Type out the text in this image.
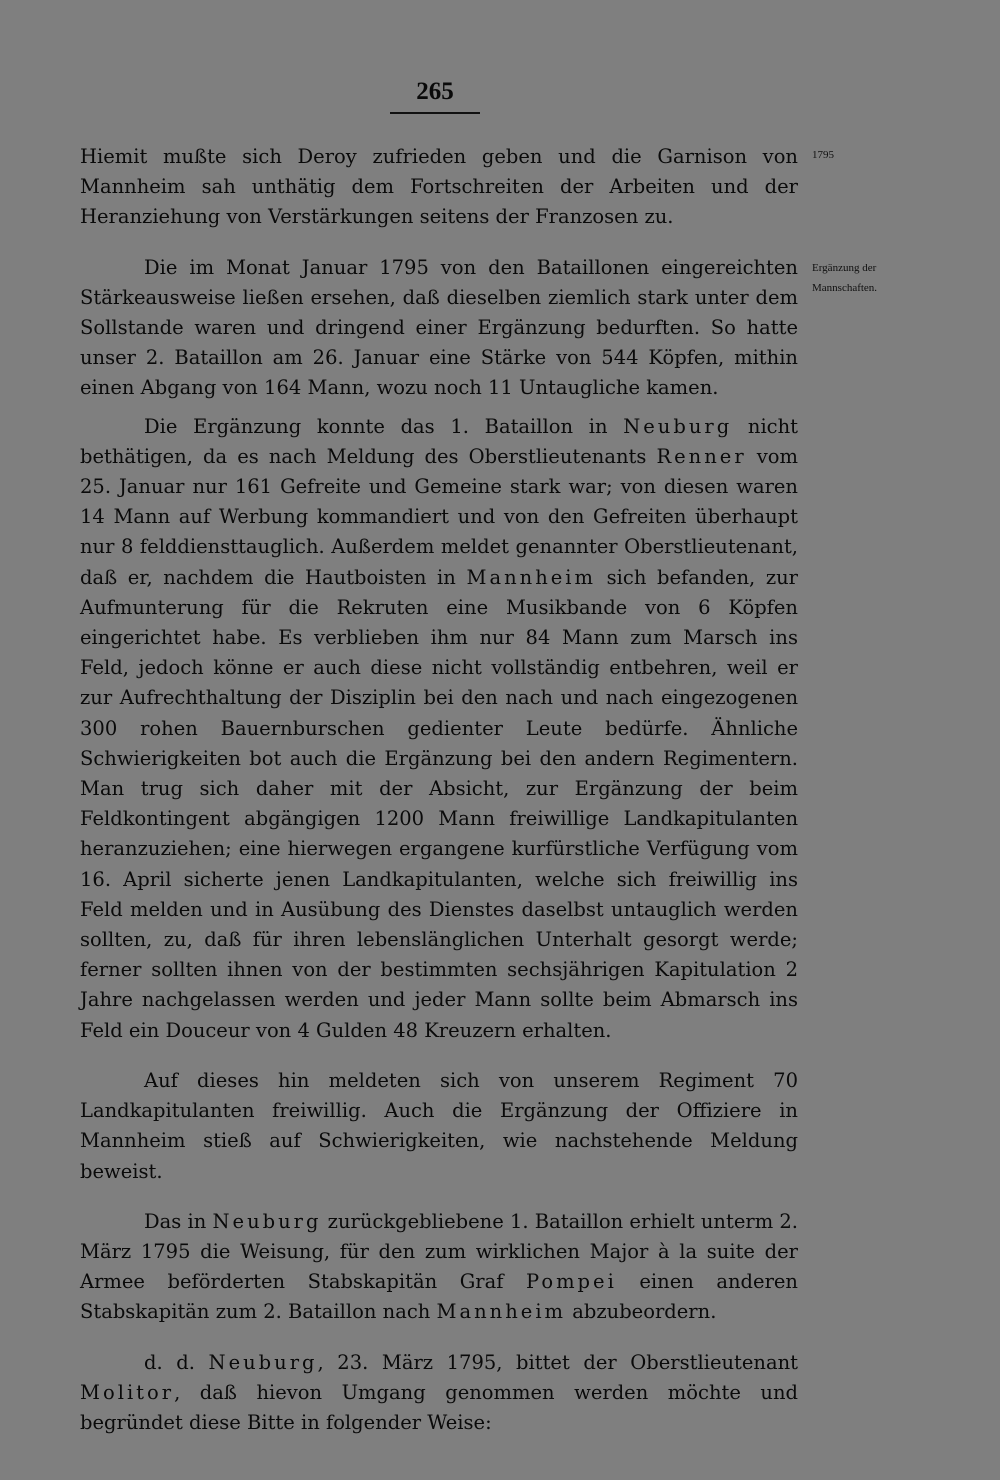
265
1795
Ergänzung der
Mannschaften.

Hiemit mußte sich Deroy zufrieden geben und die Garnison von Mannheim sah unthätig dem Fortschreiten der Arbeiten und der Heranziehung von Verstärkungen seitens der Franzosen zu.

Die im Monat Januar 1795 von den Bataillonen eingereichten Stärkeausweise ließen ersehen, daß dieselben ziemlich stark unter dem Sollstande waren und dringend einer Ergänzung bedurften. So hatte unser 2. Bataillon am 26. Januar eine Stärke von 544 Köpfen, mithin einen Abgang von 164 Mann, wozu noch 11 Untaugliche kamen.

Die Ergänzung konnte das 1. Bataillon in Neuburg nicht bethätigen, da es nach Meldung des Oberstlieutenants Renner vom 25. Januar nur 161 Gefreite und Gemeine stark war; von diesen waren 14 Mann auf Werbung kommandiert und von den Gefreiten überhaupt nur 8 felddiensttauglich. Außerdem meldet genannter Oberstlieutenant, daß er, nachdem die Hautboisten in Mannheim sich befanden, zur Aufmunterung für die Rekruten eine Musikbande von 6 Köpfen eingerichtet habe. Es verblieben ihm nur 84 Mann zum Marsch ins Feld, jedoch könne er auch diese nicht vollständig entbehren, weil er zur Aufrechthaltung der Disziplin bei den nach und nach eingezogenen 300 rohen Bauernburschen gedienter Leute bedürfe. Ähnliche Schwierigkeiten bot auch die Ergänzung bei den andern Regimentern. Man trug sich daher mit der Absicht, zur Ergänzung der beim Feldkontingent abgängigen 1200 Mann freiwillige Landkapitulanten heranzuziehen; eine hierwegen ergangene kurfürstliche Verfügung vom 16. April sicherte jenen Landkapitulanten, welche sich freiwillig ins Feld melden und in Ausübung des Dienstes daselbst untauglich werden sollten, zu, daß für ihren lebenslänglichen Unterhalt gesorgt werde; ferner sollten ihnen von der bestimmten sechsjährigen Kapitulation 2 Jahre nachgelassen werden und jeder Mann sollte beim Abmarsch ins Feld ein Douceur von 4 Gulden 48 Kreuzern erhalten.

Auf dieses hin meldeten sich von unserem Regiment 70 Landkapitulanten freiwillig. Auch die Ergänzung der Offiziere in Mannheim stieß auf Schwierigkeiten, wie nachstehende Meldung beweist.

Das in Neuburg zurückgebliebene 1. Bataillon erhielt unterm 2. März 1795 die Weisung, für den zum wirklichen Major à la suite der Armee beförderten Stabskapitän Graf Pompei einen anderen Stabskapitän zum 2. Bataillon nach Mannheim abzubeordern.

d. d. Neuburg, 23. März 1795, bittet der Oberstlieutenant Molitor, daß hievon Umgang genommen werden möchte und begründet diese Bitte in folgender Weise:
